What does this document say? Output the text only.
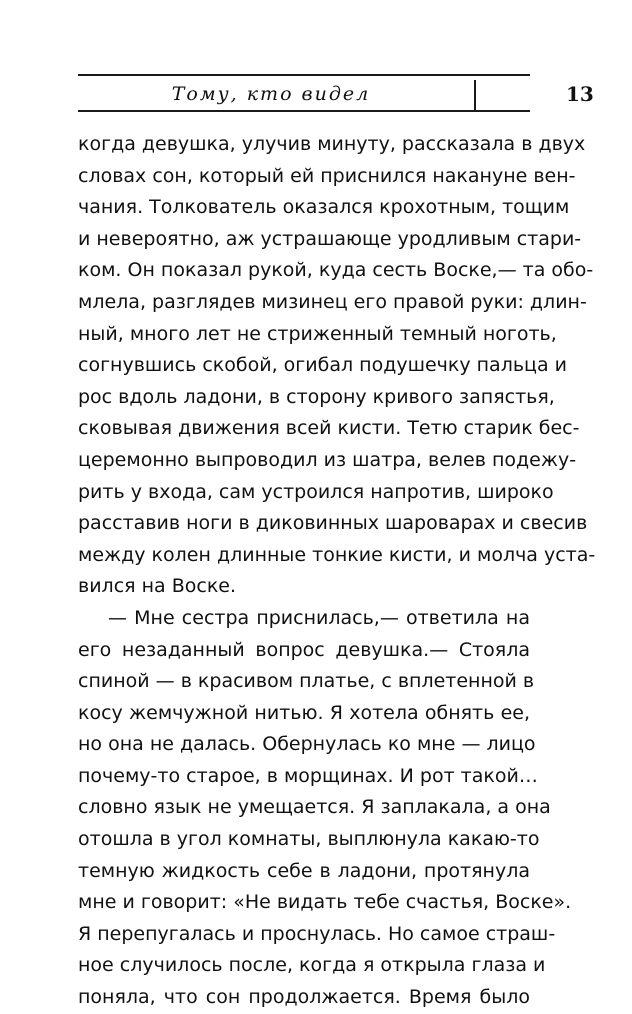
Тому, кто видел	13
когда девушка, улучив минуту, рассказала в двух
словах сон, который ей приснился накануне вен-
чания. Толкователь оказался крохотным, тощим
и невероятно, аж устрашающе уродливым стари-
ком. Он показал рукой, куда сесть Воске,— та обо-
млела, разглядев мизинец его правой руки: длин-
ный, много лет не стриженный темный ноготь,
согнувшись скобой, огибал подушечку пальца и
рос вдоль ладони, в сторону кривого запястья,
сковывая движения всей кисти. Тетю старик бес-
церемонно выпроводил из шатра, велев подежу-
рить у входа, сам устроился напротив, широко
расставив ноги в диковинных шароварах и свесив
между колен длинные тонкие кисти, и молча уста-
вился на Воске.
— Мне сестра приснилась,— ответила на
его незаданный вопрос девушка.— Стояла
спиной — в красивом платье, с вплетенной в
косу жемчужной нитью. Я хотела обнять ее,
но она не далась. Обернулась ко мне — лицо
почему-то старое, в морщинах. И рот такой…
словно язык не умещается. Я заплакала, а она
отошла в угол комнаты, выплюнула какаю-то
темную жидкость себе в ладони, протянула
мне и говорит: «Не видать тебе счастья, Воске».
Я перепугалась и проснулась. Но самое страш-
ное случилось после, когда я открыла глаза и
поняла, что сон продолжается. Время было
